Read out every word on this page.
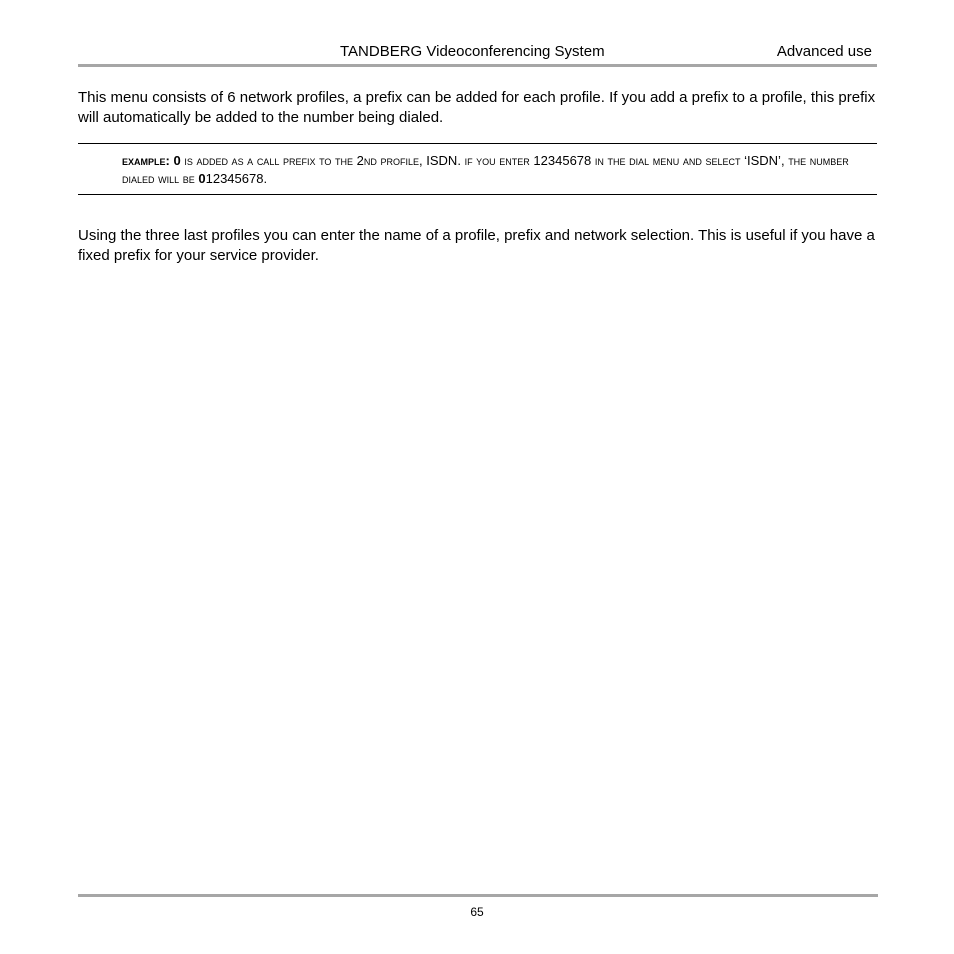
TANDBERG Videoconferencing System	Advanced use

This menu consists of 6 network profiles, a prefix can be added for each profile. If you add a prefix to a profile, this prefix will automatically be added to the number being dialed.

example: 0 is added as a call prefix to the 2nd profile, ISDN. if you enter 12345678 in the dial menu and select ‘ISDN’, the number dialed will be 012345678.

Using the three last profiles you can enter the name of a profile, prefix and network selection. This is useful if you have a fixed prefix for your service provider.

65
